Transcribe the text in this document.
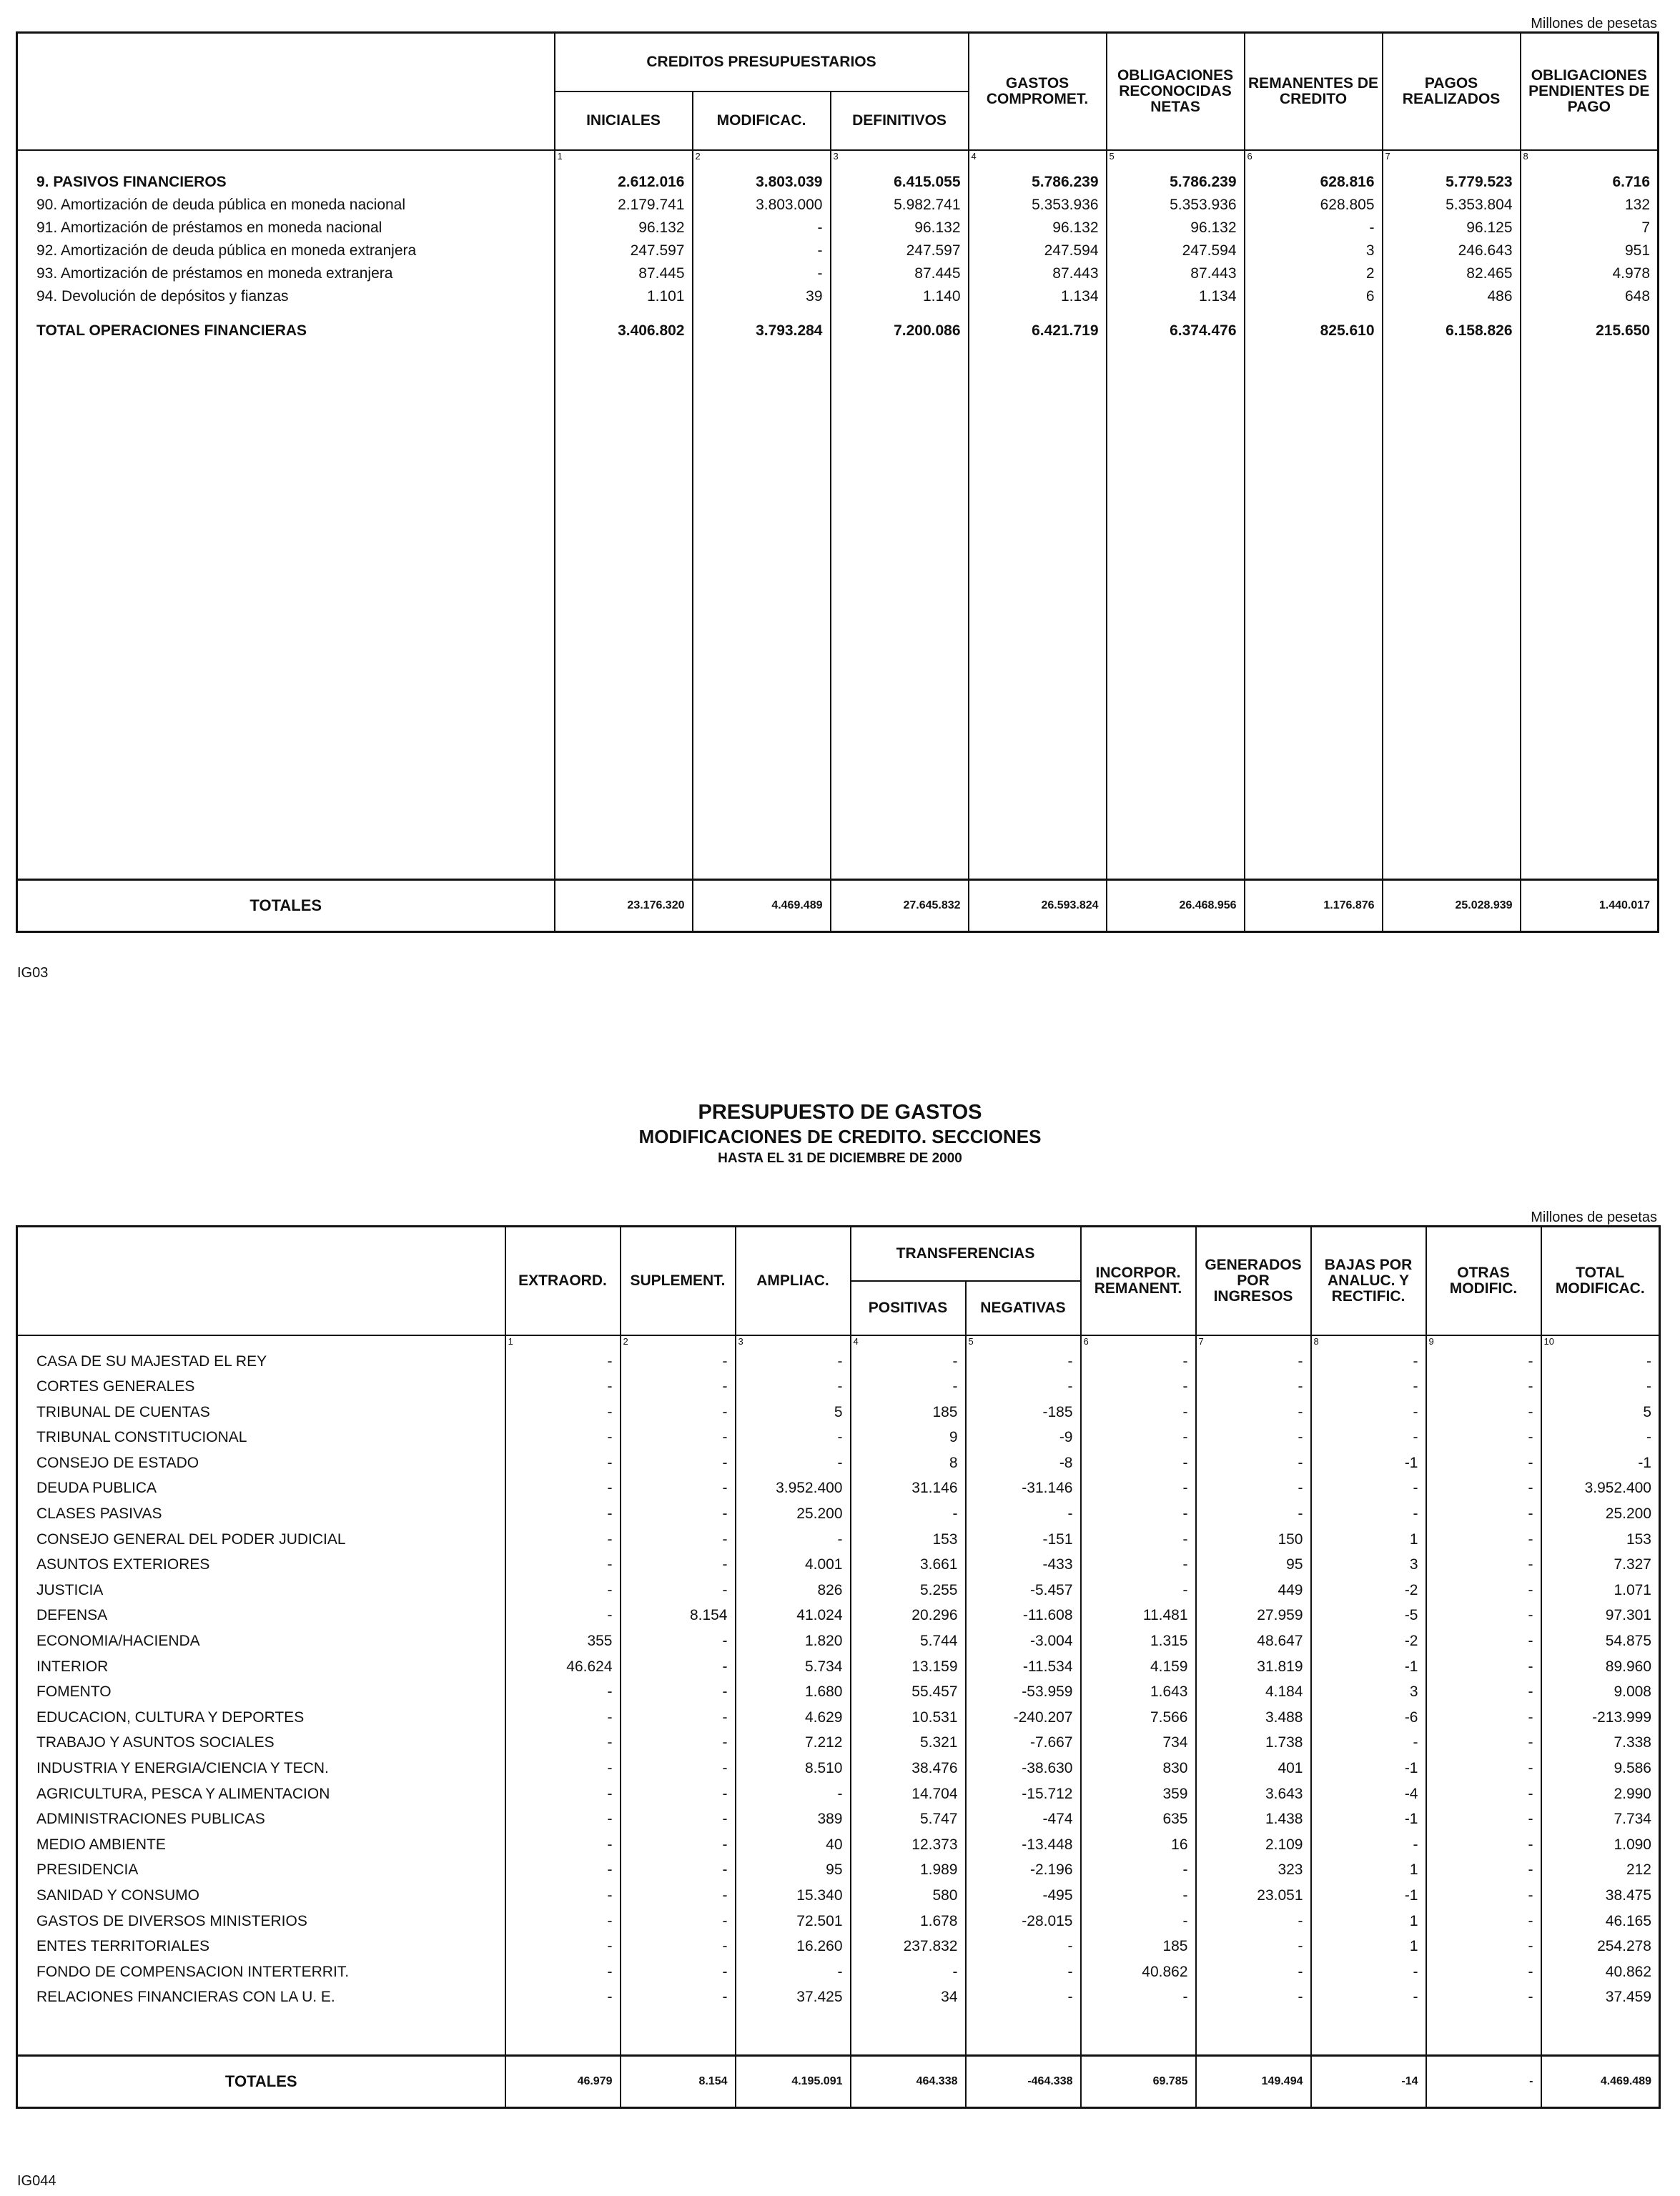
Millones de pesetas
	CREDITOS PRESUPUESTARIOS			GASTOS COMPROMET.	OBLIGACIONES RECONOCIDAS NETAS	REMANENTES DE CREDITO	PAGOS REALIZADOS	OBLIGACIONES PENDIENTES DE PAGO
	INICIALES	MODIFICAC.	DEFINITIVOS					
	1	2	3	4	5	6	7	8

9. PASIVOS FINANCIEROS	2.612.016	3.803.039	6.415.055	5.786.239	5.786.239	628.816	5.779.523	6.716
90. Amortización de deuda pública en moneda nacional	2.179.741	3.803.000	5.982.741	5.353.936	5.353.936	628.805	5.353.804	132
91. Amortización de préstamos en moneda nacional	96.132	-	96.132	96.132	96.132	-	96.125	7
92. Amortización de deuda pública en moneda extranjera	247.597	-	247.597	247.594	247.594	3	246.643	951
93. Amortización de préstamos en moneda extranjera	87.445	-	87.445	87.443	87.443	2	82.465	4.978
94. Devolución de depósitos y fianzas	1.101	39	1.140	1.134	1.134	6	486	648

TOTAL OPERACIONES FINANCIERAS	3.406.802	3.793.284	7.200.086	6.421.719	6.374.476	825.610	6.158.826	215.650

TOTALES	23.176.320	4.469.489	27.645.832	26.593.824	26.468.956	1.176.876	25.028.939	1.440.017
IG03
PRESUPUESTO DE GASTOS
MODIFICACIONES DE CREDITO. SECCIONES
HASTA EL 31 DE DICIEMBRE DE 2000
Millones de pesetas
	EXTRAORD.	SUPLEMENT.	AMPLIAC.	TRANSFERENCIAS		INCORPOR. REMANENT.	GENERADOS POR INGRESOS	BAJAS POR ANALUC. Y RECTIFIC.	OTRAS MODIFIC.	TOTAL MODIFICAC.
				POSITIVAS	NEGATIVAS					
	1	2	3	4	5	6	7	8	9	10

CASA DE SU MAJESTAD EL REY	-	-	-	-	-	-	-	-	-	-
CORTES GENERALES	-	-	-	-	-	-	-	-	-	-
TRIBUNAL DE CUENTAS	-	-	5	185	-185	-	-	-	-	5
TRIBUNAL CONSTITUCIONAL	-	-	-	9	-9	-	-	-	-	-
CONSEJO DE ESTADO	-	-	-	8	-8	-	-	-1	-	-1
DEUDA PUBLICA	-	-	3.952.400	31.146	-31.146	-	-	-	-	3.952.400
CLASES PASIVAS	-	-	25.200	-	-	-	-	-	-	25.200
CONSEJO GENERAL DEL PODER JUDICIAL	-	-	-	153	-151	-	150	1	-	153
ASUNTOS EXTERIORES	-	-	4.001	3.661	-433	-	95	3	-	7.327
JUSTICIA	-	-	826	5.255	-5.457	-	449	-2	-	1.071
DEFENSA	-	8.154	41.024	20.296	-11.608	11.481	27.959	-5	-	97.301
ECONOMIA/HACIENDA	355	-	1.820	5.744	-3.004	1.315	48.647	-2	-	54.875
INTERIOR	46.624	-	5.734	13.159	-11.534	4.159	31.819	-1	-	89.960
FOMENTO	-	-	1.680	55.457	-53.959	1.643	4.184	3	-	9.008
EDUCACION, CULTURA Y DEPORTES	-	-	4.629	10.531	-240.207	7.566	3.488	-6	-	-213.999
TRABAJO Y ASUNTOS SOCIALES	-	-	7.212	5.321	-7.667	734	1.738	-	-	7.338
INDUSTRIA Y ENERGIA/CIENCIA Y TECN.	-	-	8.510	38.476	-38.630	830	401	-1	-	9.586
AGRICULTURA, PESCA Y ALIMENTACION	-	-	-	14.704	-15.712	359	3.643	-4	-	2.990
ADMINISTRACIONES PUBLICAS	-	-	389	5.747	-474	635	1.438	-1	-	7.734
MEDIO AMBIENTE	-	-	40	12.373	-13.448	16	2.109	-	-	1.090
PRESIDENCIA	-	-	95	1.989	-2.196	-	323	1	-	212
SANIDAD Y CONSUMO	-	-	15.340	580	-495	-	23.051	-1	-	38.475
GASTOS DE DIVERSOS MINISTERIOS	-	-	72.501	1.678	-28.015	-	-	1	-	46.165
ENTES TERRITORIALES	-	-	16.260	237.832	-	185	-	1	-	254.278
FONDO DE COMPENSACION INTERTERRIT.	-	-	-	-	-	40.862	-	-	-	40.862
RELACIONES FINANCIERAS CON LA U. E.	-	-	37.425	34	-	-	-	-	-	37.459

TOTALES	46.979	8.154	4.195.091	464.338	-464.338	69.785	149.494	-14	-	4.469.489
IG044
